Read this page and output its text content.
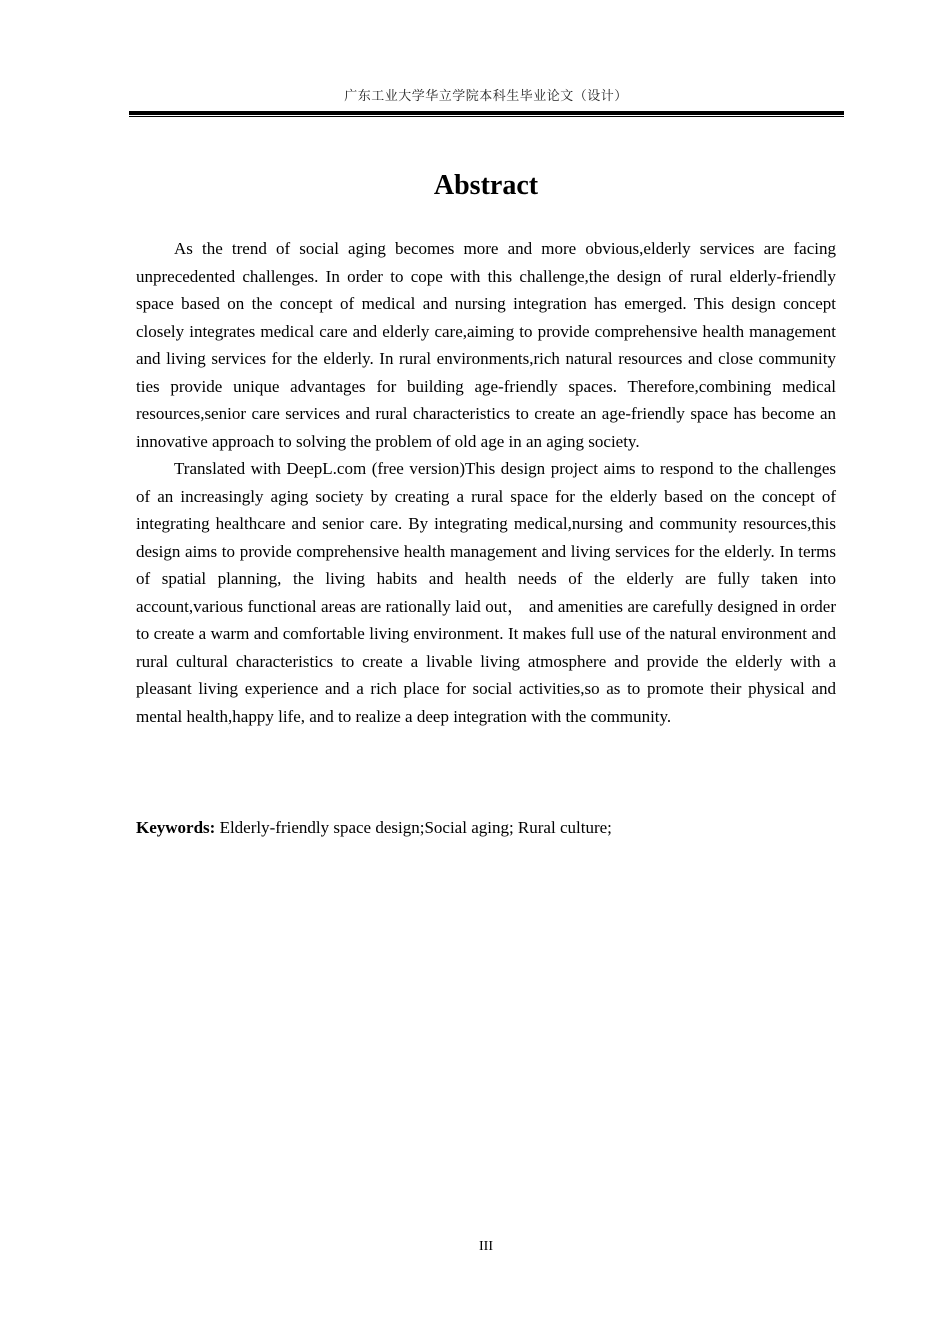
广东工业大学华立学院本科生毕业论文（设计）
Abstract

As the trend of social aging becomes more and more obvious,elderly services are facing unprecedented challenges. In order to cope with this challenge,the design of rural elderly-friendly space based on the concept of medical and nursing integration has emerged. This design concept closely integrates medical care and elderly care,aiming to provide comprehensive health management and living services for the elderly. In rural environments,rich natural resources and close community ties provide unique advantages for building age-friendly spaces. Therefore,combining medical resources,senior care services and rural characteristics to create an age-friendly space has become an innovative approach to solving the problem of old age in an aging society.

Translated with DeepL.com (free version)This design project aims to respond to the challenges of an increasingly aging society by creating a rural space for the elderly based on the concept of integrating healthcare and senior care. By integrating medical,nursing and community resources,this design aims to provide comprehensive health management and living services for the elderly. In terms of spatial planning, the living habits and health needs of the elderly are fully taken into account,various functional areas are rationally laid out， and amenities are carefully designed in order to create a warm and comfortable living environment. It makes full use of the natural environment and rural cultural characteristics to create a livable living atmosphere and provide the elderly with a pleasant living experience and a rich place for social activities,so as to promote their physical and mental health,happy life, and to realize a deep integration with the community.

Keywords: Elderly-friendly space design;Social aging; Rural culture;
III
